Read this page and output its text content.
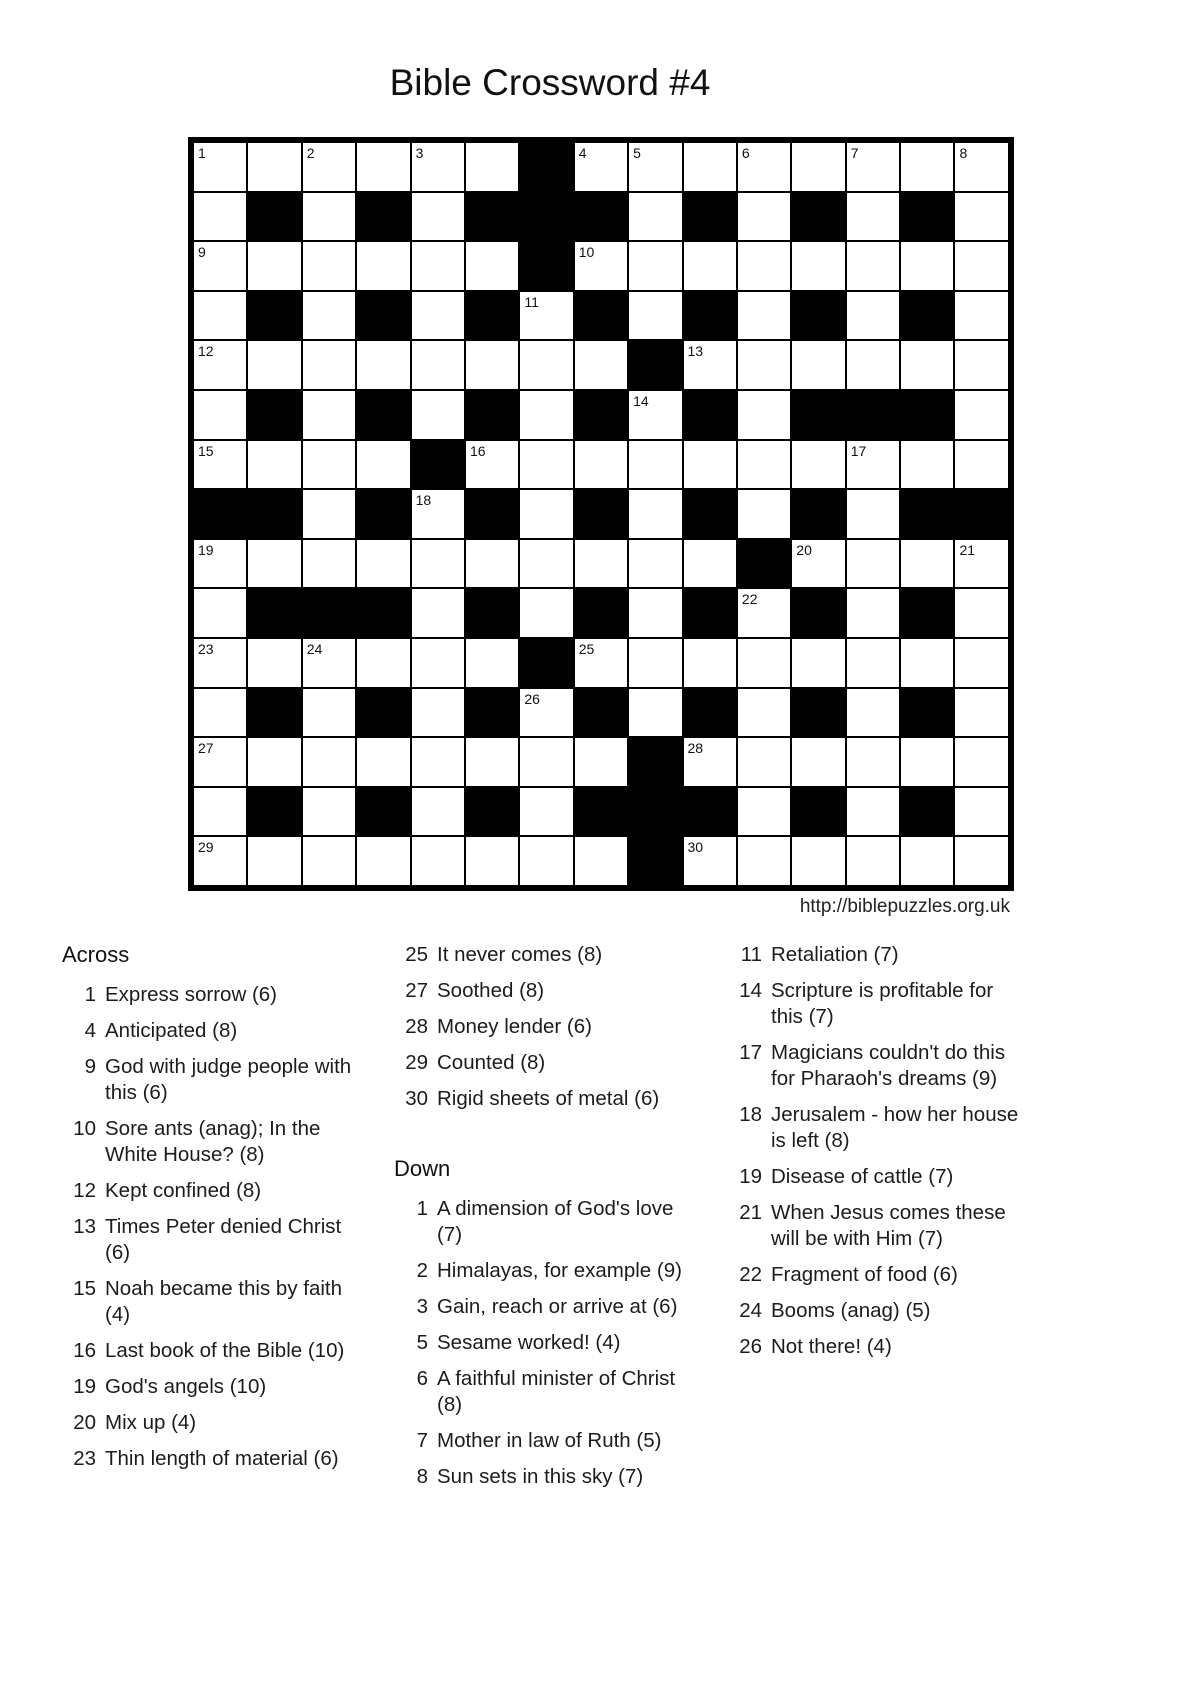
Bible Crossword #4
1	2	3	4	5	6	7	8
9	10
11
12	13
14
15	16	17
18
19	20	21
22
23	24	25
26
27	28
29	30
http://biblepuzzles.org.uk
Across
1 Express sorrow (6)
4 Anticipated (8)
9 God with judge people with this (6)
10 Sore ants (anag); In the White House? (8)
12 Kept confined (8)
13 Times Peter denied Christ (6)
15 Noah became this by faith (4)
16 Last book of the Bible (10)
19 God's angels (10)
20 Mix up (4)
23 Thin length of material (6)
25 It never comes (8)
27 Soothed (8)
28 Money lender (6)
29 Counted (8)
30 Rigid sheets of metal (6)
Down
1 A dimension of God's love (7)
2 Himalayas, for example (9)
3 Gain, reach or arrive at (6)
5 Sesame worked! (4)
6 A faithful minister of Christ (8)
7 Mother in law of Ruth (5)
8 Sun sets in this sky (7)
11 Retaliation (7)
14 Scripture is profitable for this (7)
17 Magicians couldn't do this for Pharaoh's dreams (9)
18 Jerusalem - how her house is left (8)
19 Disease of cattle (7)
21 When Jesus comes these will be with Him (7)
22 Fragment of food (6)
24 Booms (anag) (5)
26 Not there! (4)
